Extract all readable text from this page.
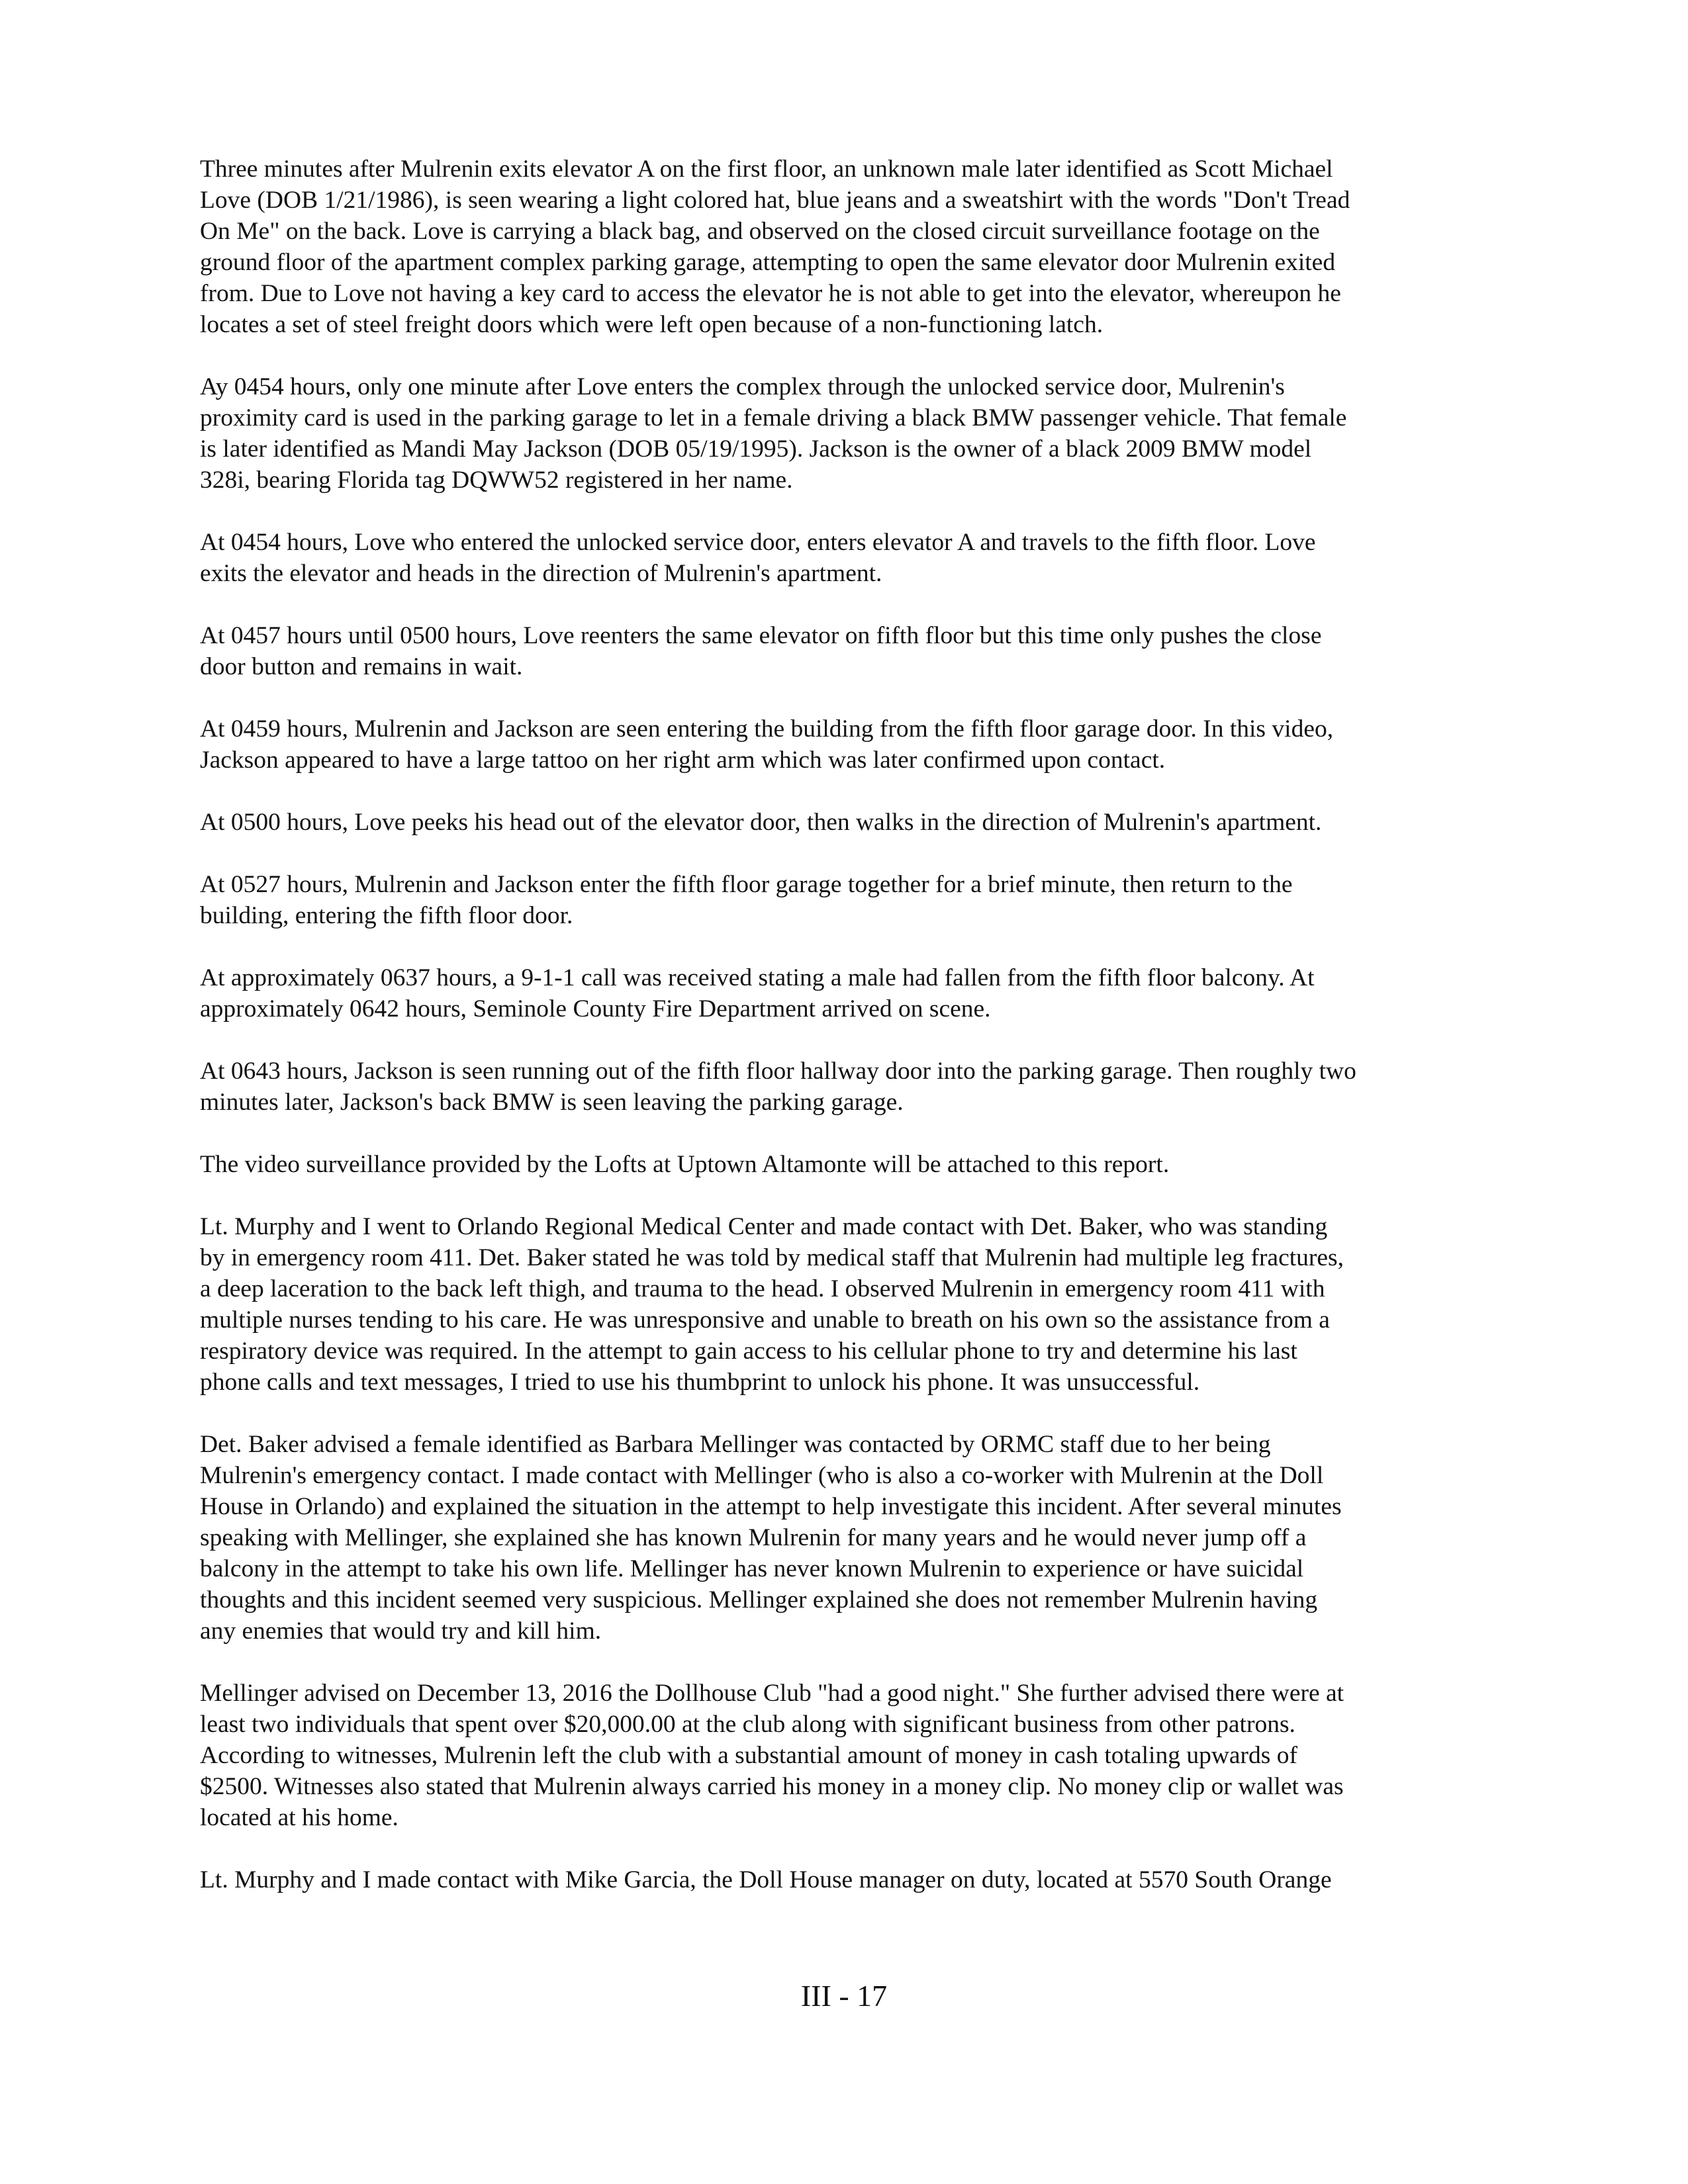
Three minutes after Mulrenin exits elevator A on the first floor, an unknown male later identified as Scott Michael
Love (DOB 1/21/1986), is seen wearing a light colored hat, blue jeans and a sweatshirt with the words "Don't Tread
On Me" on the back. Love is carrying a black bag, and observed on the closed circuit surveillance footage on the
ground floor of the apartment complex parking garage, attempting to open the same elevator door Mulrenin exited
from. Due to Love not having a key card to access the elevator he is not able to get into the elevator, whereupon he
locates a set of steel freight doors which were left open because of a non-functioning latch.

Ay 0454 hours, only one minute after Love enters the complex through the unlocked service door, Mulrenin's
proximity card is used in the parking garage to let in a female driving a black BMW passenger vehicle. That female
is later identified as Mandi May Jackson (DOB 05/19/1995). Jackson is the owner of a black 2009 BMW model
328i, bearing Florida tag DQWW52 registered in her name.

At 0454 hours, Love who entered the unlocked service door, enters elevator A and travels to the fifth floor. Love
exits the elevator and heads in the direction of Mulrenin's apartment.

At 0457 hours until 0500 hours, Love reenters the same elevator on fifth floor but this time only pushes the close
door button and remains in wait.

At 0459 hours, Mulrenin and Jackson are seen entering the building from the fifth floor garage door. In this video,
Jackson appeared to have a large tattoo on her right arm which was later confirmed upon contact.

At 0500 hours, Love peeks his head out of the elevator door, then walks in the direction of Mulrenin's apartment.

At 0527 hours, Mulrenin and Jackson enter the fifth floor garage together for a brief minute, then return to the
building, entering the fifth floor door.

At approximately 0637 hours, a 9-1-1 call was received stating a male had fallen from the fifth floor balcony. At
approximately 0642 hours, Seminole County Fire Department arrived on scene.

At 0643 hours, Jackson is seen running out of the fifth floor hallway door into the parking garage. Then roughly two
minutes later, Jackson's back BMW is seen leaving the parking garage.

The video surveillance provided by the Lofts at Uptown Altamonte will be attached to this report.

Lt. Murphy and I went to Orlando Regional Medical Center and made contact with Det. Baker, who was standing
by in emergency room 411. Det. Baker stated he was told by medical staff that Mulrenin had multiple leg fractures,
a deep laceration to the back left thigh, and trauma to the head. I observed Mulrenin in emergency room 411 with
multiple nurses tending to his care. He was unresponsive and unable to breath on his own so the assistance from a
respiratory device was required. In the attempt to gain access to his cellular phone to try and determine his last
phone calls and text messages, I tried to use his thumbprint to unlock his phone. It was unsuccessful.

Det. Baker advised a female identified as Barbara Mellinger was contacted by ORMC staff due to her being
Mulrenin's emergency contact. I made contact with Mellinger (who is also a co-worker with Mulrenin at the Doll
House in Orlando) and explained the situation in the attempt to help investigate this incident. After several minutes
speaking with Mellinger, she explained she has known Mulrenin for many years and he would never jump off a
balcony in the attempt to take his own life. Mellinger has never known Mulrenin to experience or have suicidal
thoughts and this incident seemed very suspicious. Mellinger explained she does not remember Mulrenin having
any enemies that would try and kill him.

Mellinger advised on December 13, 2016 the Dollhouse Club "had a good night." She further advised there were at
least two individuals that spent over $20,000.00 at the club along with significant business from other patrons.
According to witnesses, Mulrenin left the club with a substantial amount of money in cash totaling upwards of
$2500. Witnesses also stated that Mulrenin always carried his money in a money clip. No money clip or wallet was
located at his home.

Lt. Murphy and I made contact with Mike Garcia, the Doll House manager on duty, located at 5570 South Orange

III - 17
